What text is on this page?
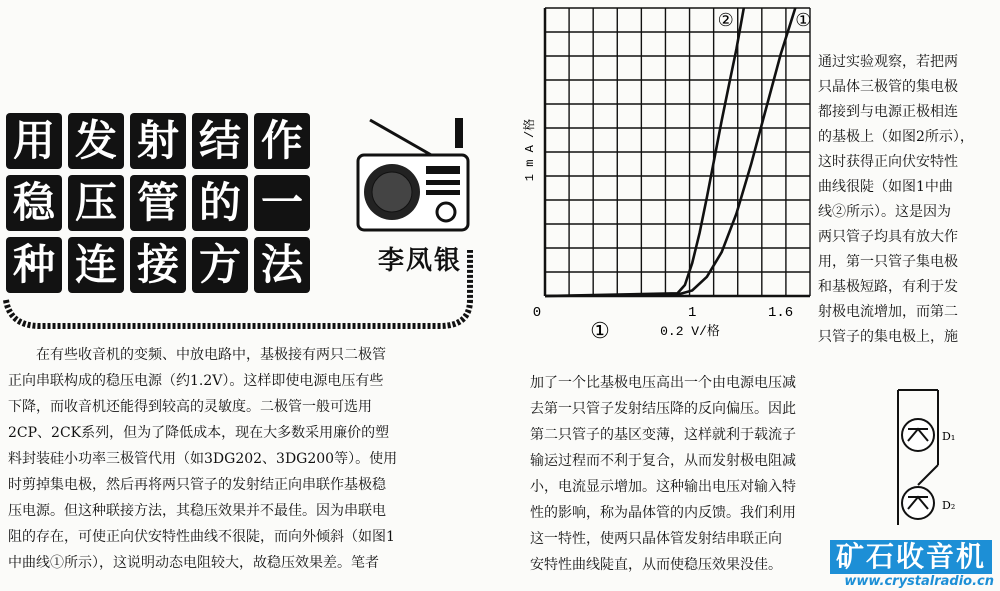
用 发 射 结 作
稳 压 管 的 一
种 连 接 方 法	李凤银
1 m A /格
②	①
0	1	1.6
①	0.2 V/格

通过实验观察，若把两

只晶体三极管的集电极

都接到与电源正极相连

的基极上（如图2所示），

这时获得正向伏安特性

曲线很陡（如图1中曲

线②所示）。这是因为

两只管子均具有放大作

用，第一只管子集电极

和基极短路，有利于发

射极电流增加，而第二

只管子的集电极上，施

在有些收音机的变频、中放电路中，基极接有两只二极管

正向串联构成的稳压电源（约1.2V）。这样即使电源电压有些

下降，而收音机还能得到较高的灵敏度。二极管一般可选用

2CP、2CK系列，但为了降低成本，现在大多数采用廉价的塑

料封装硅小功率三极管代用（如3DG202、3DG200等）。使用

时剪掉集电极，然后再将两只管子的发射结正向串联作基极稳

压电源。但这种联接方法，其稳压效果并不最佳。因为串联电

阻的存在，可使正向伏安特性曲线不很陡，而向外倾斜（如图1

中曲线①所示），这说明动态电阻较大，故稳压效果差。笔者

加了一个比基极电压高出一个由电源电压减

去第一只管子发射结压降的反向偏压。因此

第二只管子的基区变薄，这样就利于载流子

输运过程而不利于复合，从而发射极电阻减

小，电流显示增加。这种输出电压对输入特

性的影响，称为晶体管的内反馈。我们利用

这一特性，使两只晶体管发射结串联正向

安特性曲线陡直，从而使稳压效果没佳。

D₁
D₂
矿石收音机
www.crystalradio.cn
